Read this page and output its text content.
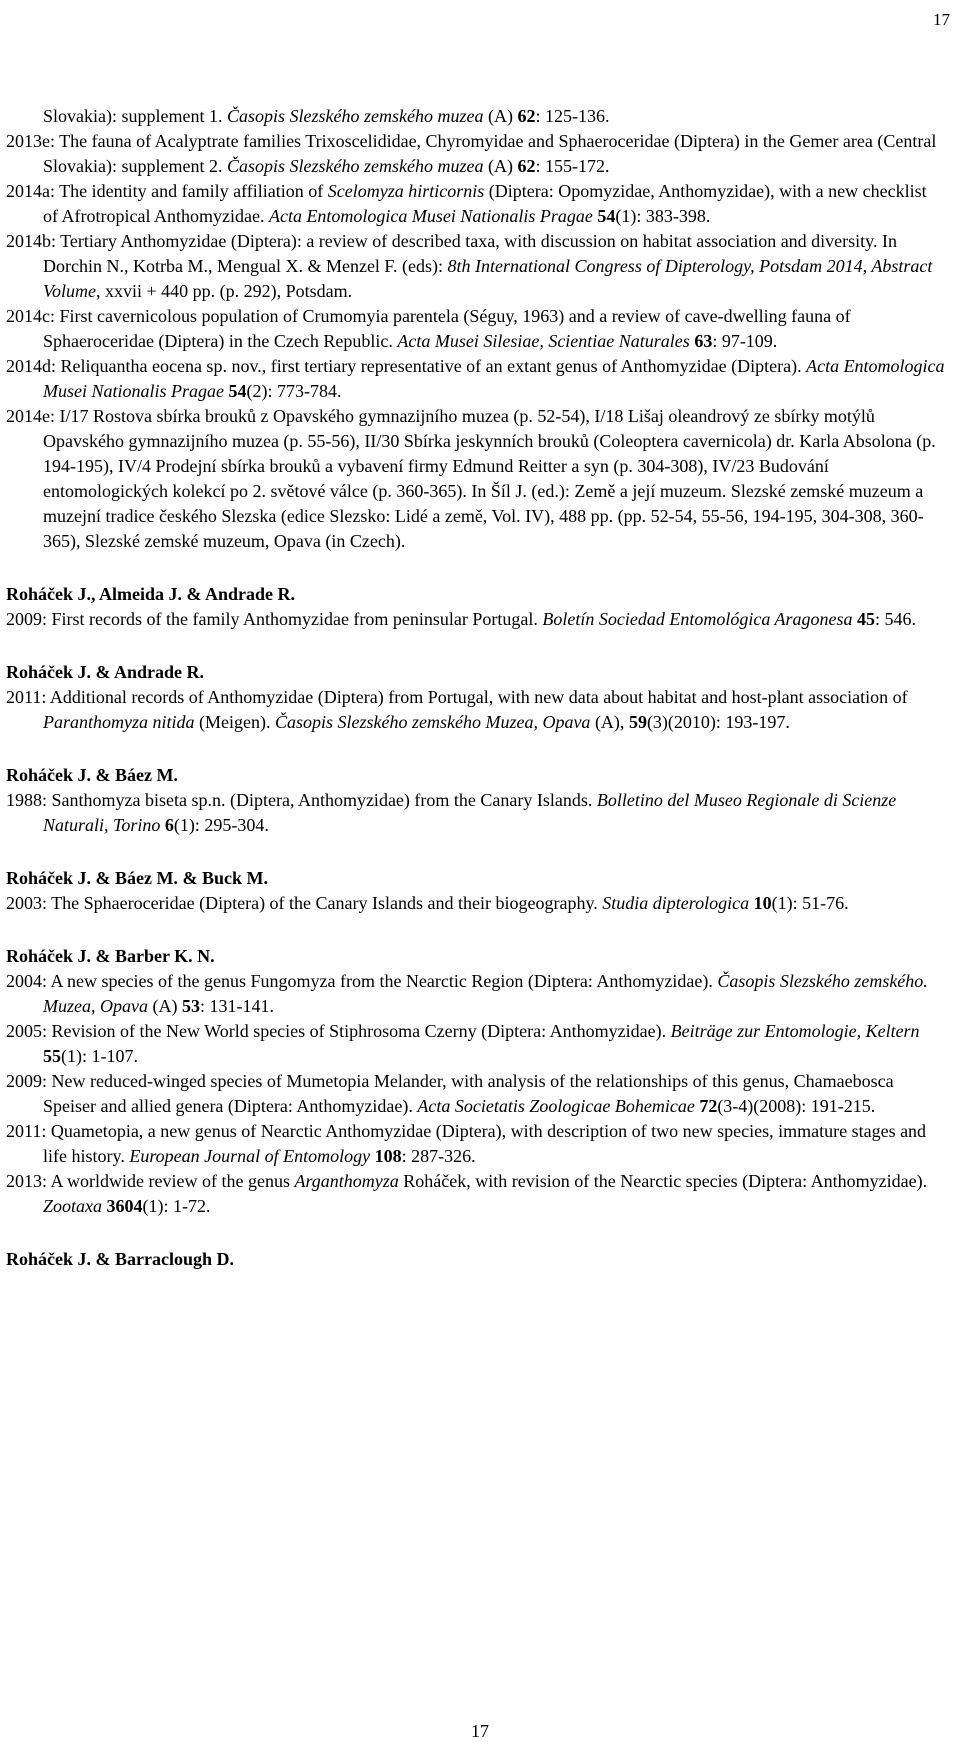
17

Slovakia): supplement 1. Časopis Slezského zemského muzea (A) 62: 125-136.

2013e: The fauna of Acalyptrate families Trixoscelididae, Chyromyidae and Sphaeroceridae (Diptera) in the Gemer area (Central Slovakia): supplement 2. Časopis Slezského zemského muzea (A) 62: 155-172.

2014a: The identity and family affiliation of Scelomyza hirticornis (Diptera: Opomyzidae, Anthomyzidae), with a new checklist of Afrotropical Anthomyzidae. Acta Entomologica Musei Nationalis Pragae 54(1): 383-398.

2014b: Tertiary Anthomyzidae (Diptera): a review of described taxa, with discussion on habitat association and diversity. In Dorchin N., Kotrba M., Mengual X. & Menzel F. (eds): 8th International Congress of Dipterology, Potsdam 2014, Abstract Volume, xxvii + 440 pp. (p. 292), Potsdam.

2014c: First cavernicolous population of Crumomyia parentela (Séguy, 1963) and a review of cave-dwelling fauna of Sphaeroceridae (Diptera) in the Czech Republic. Acta Musei Silesiae, Scientiae Naturales 63: 97-109.

2014d: Reliquantha eocena sp. nov., first tertiary representative of an extant genus of Anthomyzidae (Diptera). Acta Entomologica Musei Nationalis Pragae 54(2): 773-784.

2014e: I/17 Rostova sbírka brouků z Opavského gymnazijního muzea (p. 52-54), I/18 Lišaj oleandrový ze sbírky motýlů Opavského gymnazijního muzea (p. 55-56), II/30 Sbírka jeskynních brouků (Coleoptera cavernicola) dr. Karla Absolona (p. 194-195), IV/4 Prodejní sbírka brouků a vybavení firmy Edmund Reitter a syn (p. 304-308), IV/23 Budování entomologických kolekcí po 2. světové válce (p. 360-365). In Šíl J. (ed.): Země a její muzeum. Slezské zemské muzeum a muzejní tradice českého Slezska (edice Slezsko: Lidé a země, Vol. IV), 488 pp. (pp. 52-54, 55-56, 194-195, 304-308, 360-365), Slezské zemské muzeum, Opava (in Czech).

Roháček J., Almeida J. & Andrade R.

2009: First records of the family Anthomyzidae from peninsular Portugal. Boletín Sociedad Entomológica Aragonesa 45: 546.

Roháček J. & Andrade R.

2011: Additional records of Anthomyzidae (Diptera) from Portugal, with new data about habitat and host-plant association of Paranthomyza nitida (Meigen). Časopis Slezského zemského Muzea, Opava (A), 59(3)(2010): 193-197.

Roháček J. & Báez M.

1988: Santhomyza biseta sp.n. (Diptera, Anthomyzidae) from the Canary Islands. Bolletino del Museo Regionale di Scienze Naturali, Torino 6(1): 295-304.

Roháček J. & Báez M. & Buck M.

2003: The Sphaeroceridae (Diptera) of the Canary Islands and their biogeography. Studia dipterologica 10(1): 51-76.

Roháček J. & Barber K. N.

2004: A new species of the genus Fungomyza from the Nearctic Region (Diptera: Anthomyzidae). Časopis Slezského zemského. Muzea, Opava (A) 53: 131-141.

2005: Revision of the New World species of Stiphrosoma Czerny (Diptera: Anthomyzidae). Beiträge zur Entomologie, Keltern 55(1): 1-107.

2009: New reduced-winged species of Mumetopia Melander, with analysis of the relationships of this genus, Chamaebosca Speiser and allied genera (Diptera: Anthomyzidae). Acta Societatis Zoologicae Bohemicae 72(3-4)(2008): 191-215.

2011: Quametopia, a new genus of Nearctic Anthomyzidae (Diptera), with description of two new species, immature stages and life history. European Journal of Entomology 108: 287-326.

2013: A worldwide review of the genus Arganthomyza Roháček, with revision of the Nearctic species (Diptera: Anthomyzidae). Zootaxa 3604(1): 1-72.

Roháček J. & Barraclough D.

17
